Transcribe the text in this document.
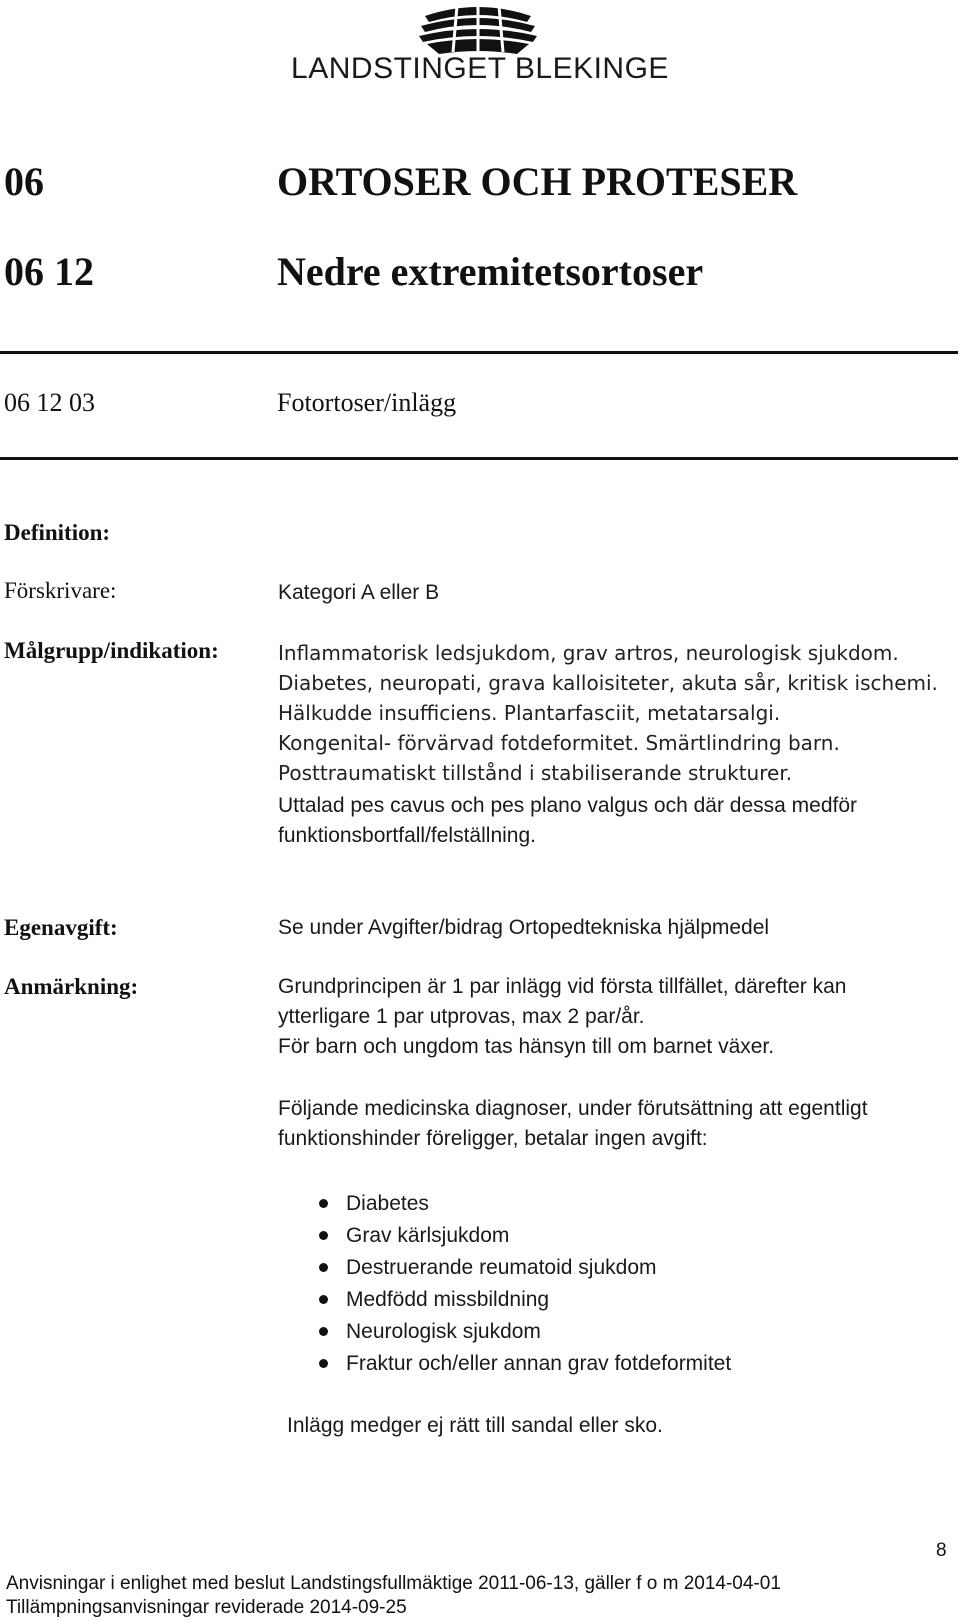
LANDSTINGET BLEKINGE
06	ORTOSER OCH PROTESER
06 12	Nedre extremitetsortoser
06 12 03	Fotortoser/inlägg
Definition:
Förskrivare:	Kategori A eller B
Målgrupp/indikation:	Inflammatorisk ledsjukdom, grav artros, neurologisk sjukdom.
Diabetes, neuropati, grava kalloisiteter, akuta sår, kritisk ischemi.
Hälkudde insufficiens. Plantarfasciit, metatarsalgi.
Kongenital- förvärvad fotdeformitet. Smärtlindring barn.
Posttraumatiskt tillstånd i stabiliserande strukturer.
Uttalad pes cavus och pes plano valgus och där dessa medför
funktionsbortfall/felställning.
Egenavgift:	Se under Avgifter/bidrag Ortopedtekniska hjälpmedel
Anmärkning:	Grundprincipen är 1 par inlägg vid första tillfället, därefter kan
ytterligare 1 par utprovas, max 2 par/år.
För barn och ungdom tas hänsyn till om barnet växer.
Följande medicinska diagnoser, under förutsättning att egentligt
funktionshinder föreligger, betalar ingen avgift:
Diabetes
Grav kärlsjukdom
Destruerande reumatoid sjukdom
Medfödd missbildning
Neurologisk sjukdom
Fraktur och/eller annan grav fotdeformitet
Inlägg medger ej rätt till sandal eller sko.
8
Anvisningar i enlighet med beslut Landstingsfullmäktige 2011-06-13, gäller f o m 2014-04-01
Tillämpningsanvisningar reviderade 2014-09-25
